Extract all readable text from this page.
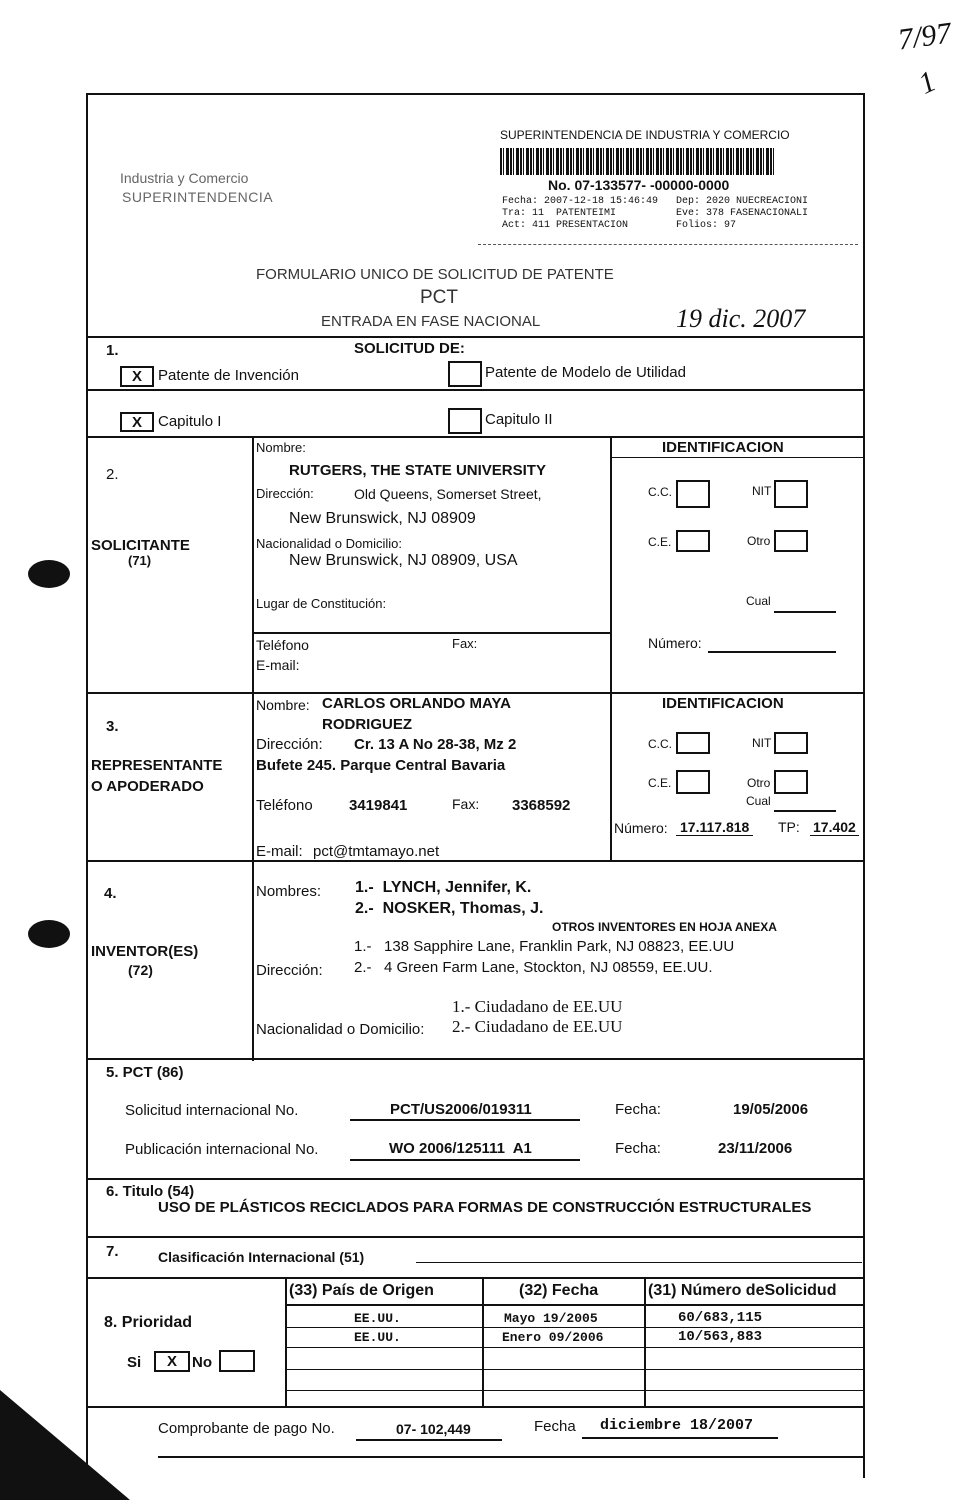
7/97
1
Industria y Comercio
SUPERINTENDENCIA
SUPERINTENDENCIA DE INDUSTRIA Y COMERCIO
No. 07-133577- -00000-0000
Fecha: 2007-12-18 15:46:49   Dep: 2020 NUECREACIONI
Tra: 11  PATENTEIMI          Eve: 378 FASENACIONALI
Act: 411 PRESENTACION        Folios: 97
FORMULARIO UNICO DE SOLICITUD DE PATENTE
PCT
ENTRADA EN FASE NACIONAL	19 dic. 2007
1.	SOLICITUD DE:
X	Patente de Invención	Patente de Modelo de Utilidad
X	Capitulo I	Capitulo II
2.
SOLICITANTE
(71)
Nombre:
RUTGERS, THE STATE UNIVERSITY
Dirección:	Old Queens, Somerset Street,
New Brunswick, NJ 08909
Nacionalidad o Domicilio:
New Brunswick, NJ 08909, USA
Lugar de Constitución:
Teléfono	Fax:
E-mail:
IDENTIFICACION
C.C.	NIT
C.E.	Otro
Cual
Número:
3.
REPRESENTANTE
O APODERADO
Nombre: CARLOS ORLANDO MAYA
RODRIGUEZ
Dirección: Cr. 13 A No 28-38, Mz 2
Bufete 245. Parque Central Bavaria
Teléfono 3419841	Fax: 3368592
E-mail: pct@tmtamayo.net
IDENTIFICACION
C.C.	NIT
C.E.	Otro
Cual
Número: 17.117.818 TP: 17.402
4.
INVENTOR(ES)
(72)
Nombres: 1.-  LYNCH, Jennifer, K.
2.-  NOSKER, Thomas, J.
OTROS INVENTORES EN HOJA ANEXA
1.-   138 Sapphire Lane, Franklin Park, NJ 08823, EE.UU
Dirección: 2.-   4 Green Farm Lane, Stockton, NJ 08559, EE.UU.
1.- Ciudadano de EE.UU
Nacionalidad o Domicilio: 2.- Ciudadano de EE.UU
5. PCT (86)
Solicitud internacional No.	PCT/US2006/019311	Fecha:	19/05/2006
Publicación internacional No.	WO 2006/125111  A1	Fecha:	23/11/2006
6. Titulo (54)
USO DE PLÁSTICOS RECICLADOS PARA FORMAS DE CONSTRUCCIÓN ESTRUCTURALES
7.	Clasificación Internacional (51)
8. Prioridad
Si	X	No
(33) País de Origen	(32) Fecha	(31) Número deSolicidud
EE.UU.	Mayo 19/2005	60/683,115
EE.UU.	Enero 09/2006	10/563,883
Comprobante de pago No.	07- 102,449	Fecha diciembre 18/2007
